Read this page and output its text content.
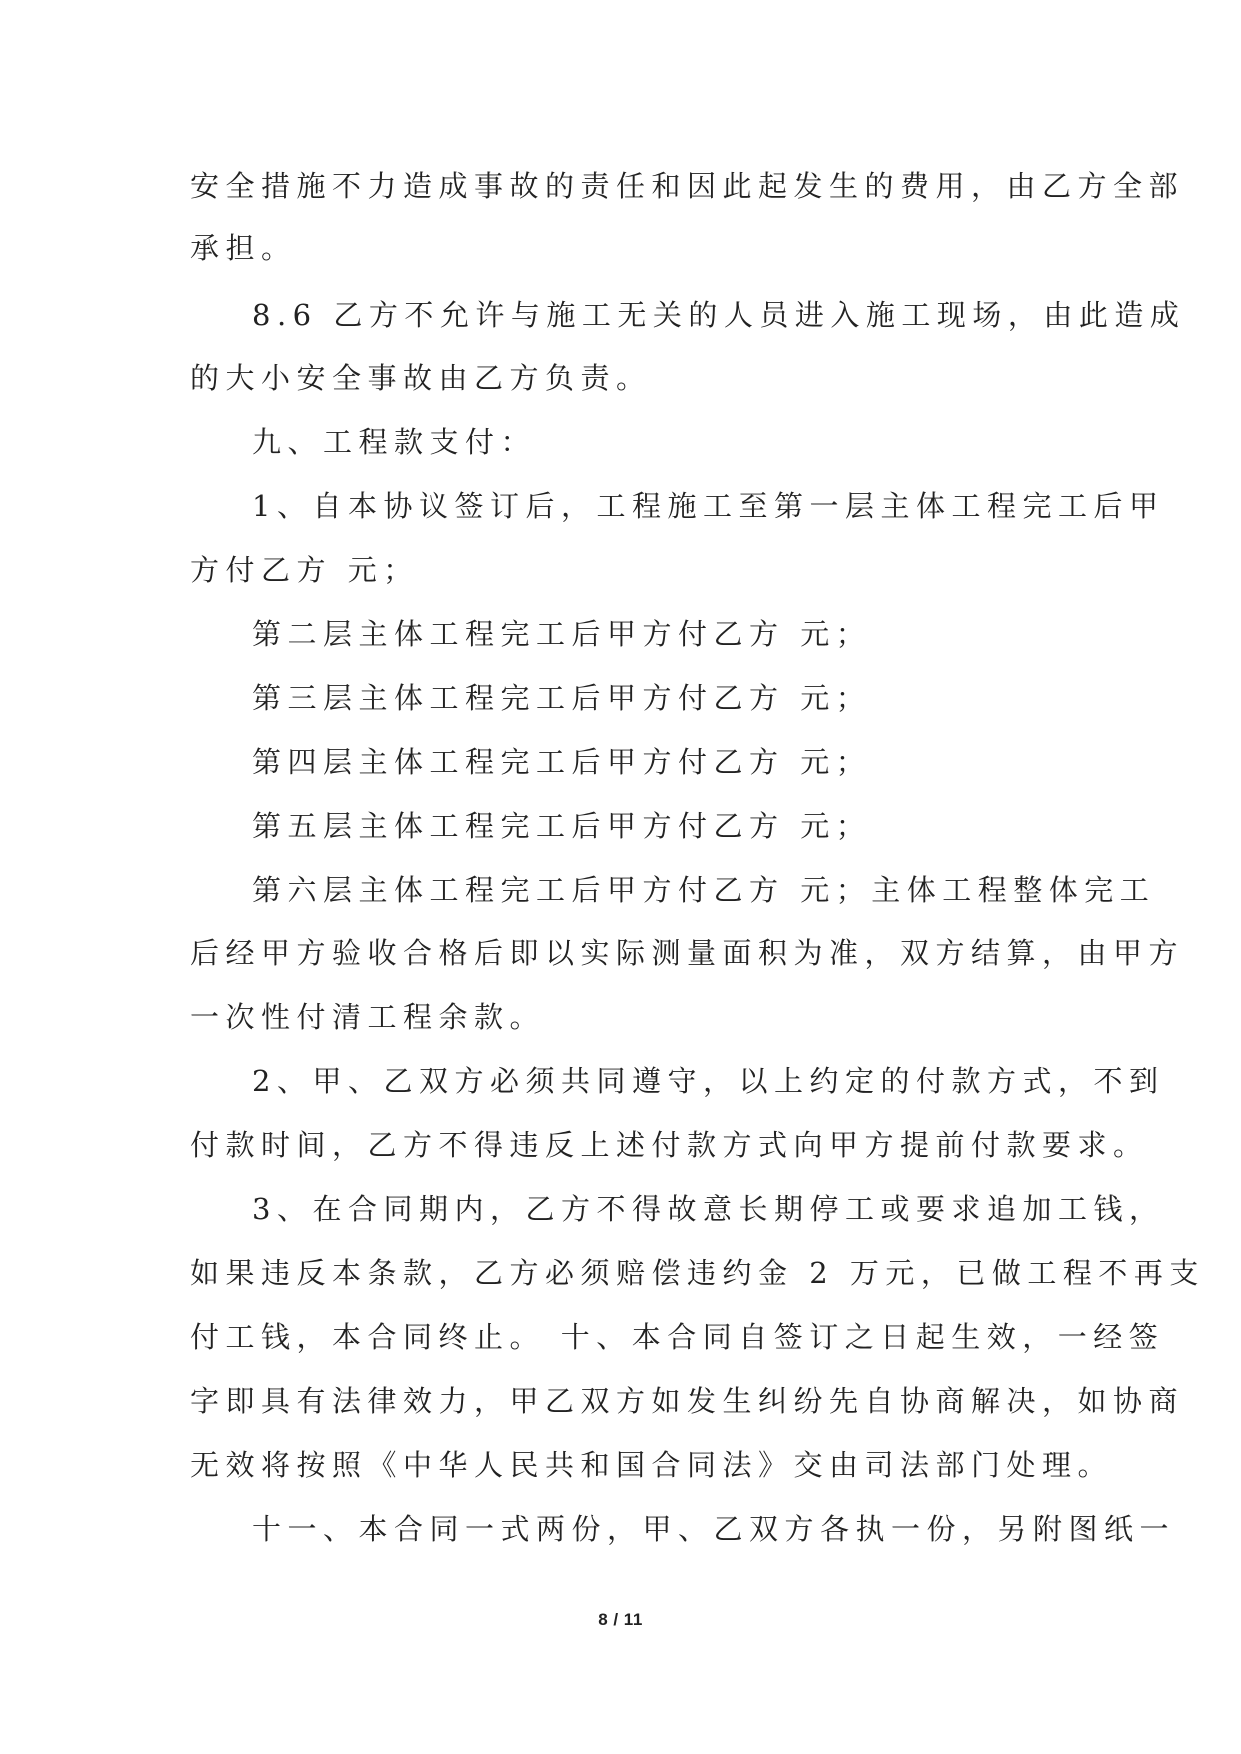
安全措施不力造成事故的责任和因此起发生的费用，由乙方全部

承担。

8.6 乙方不允许与施工无关的人员进入施工现场，由此造成

的大小安全事故由乙方负责。

九、工程款支付：

1、自本协议签订后，工程施工至第一层主体工程完工后甲

方付乙方 元；

第二层主体工程完工后甲方付乙方 元；

第三层主体工程完工后甲方付乙方 元；

第四层主体工程完工后甲方付乙方 元；

第五层主体工程完工后甲方付乙方 元；

第六层主体工程完工后甲方付乙方 元；主体工程整体完工

后经甲方验收合格后即以实际测量面积为准，双方结算，由甲方

一次性付清工程余款。

2、甲、乙双方必须共同遵守，以上约定的付款方式，不到

付款时间，乙方不得违反上述付款方式向甲方提前付款要求。

3、在合同期内，乙方不得故意长期停工或要求追加工钱，

如果违反本条款，乙方必须赔偿违约金 2 万元，已做工程不再支

付工钱，本合同终止。 十、本合同自签订之日起生效，一经签

字即具有法律效力，甲乙双方如发生纠纷先自协商解决，如协商

无效将按照《中华人民共和国合同法》交由司法部门处理。

十一、本合同一式两份，甲、乙双方各执一份，另附图纸一

8 / 11
